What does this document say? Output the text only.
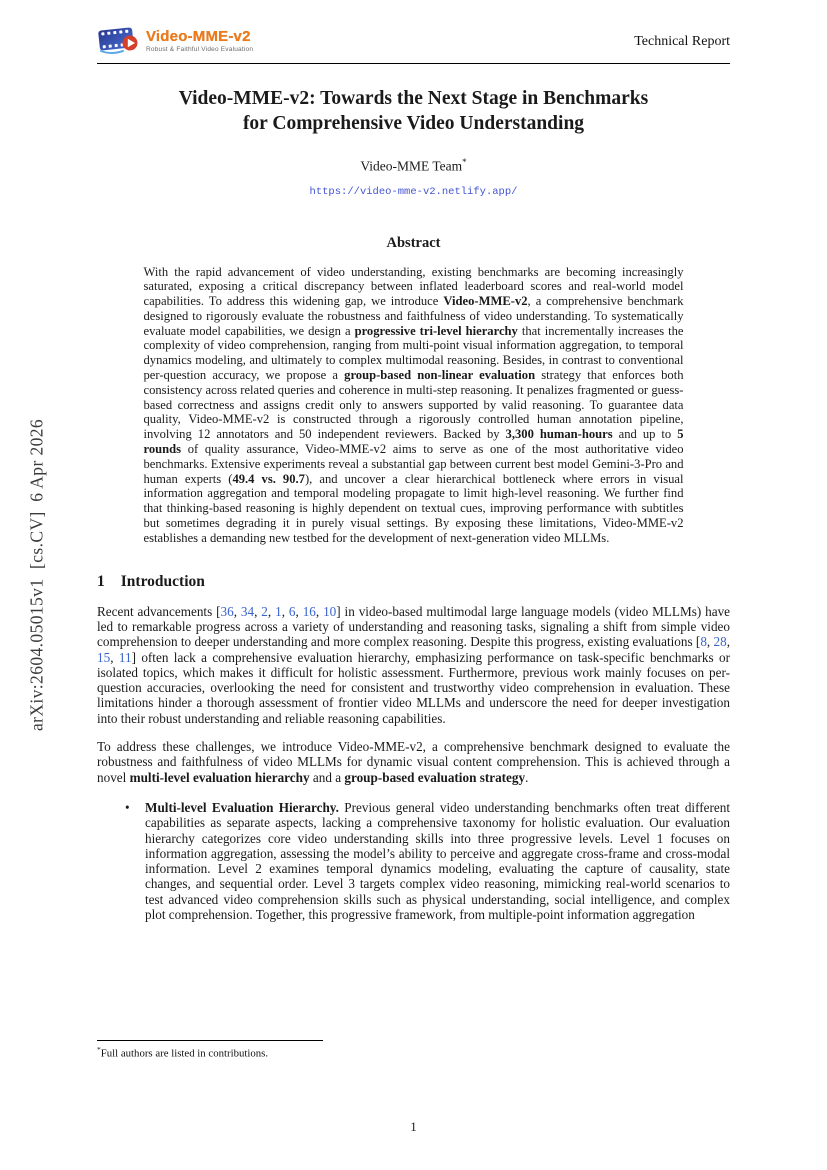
Video-MME-v2
Robust & Faithful Video Evaluation
Technical Report
arXiv:2604.05015v1  [cs.CV]  6 Apr 2026
Video-MME-v2: Towards the Next Stage in Benchmarks
for Comprehensive Video Understanding
Video-MME Team*
https://video-mme-v2.netlify.app/
Abstract
With the rapid advancement of video understanding, existing benchmarks are becoming increasingly saturated, exposing a critical discrepancy between inflated leaderboard scores and real-world model capabilities. To address this widening gap, we introduce Video-MME-v2, a comprehensive benchmark designed to rigorously evaluate the robustness and faithfulness of video understanding. To systematically evaluate model capabilities, we design a progressive tri-level hierarchy that incrementally increases the complexity of video comprehension, ranging from multi-point visual information aggregation, to temporal dynamics modeling, and ultimately to complex multimodal reasoning. Besides, in contrast to conventional per-question accuracy, we propose a group-based non-linear evaluation strategy that enforces both consistency across related queries and coherence in multi-step reasoning. It penalizes fragmented or guess-based correctness and assigns credit only to answers supported by valid reasoning. To guarantee data quality, Video-MME-v2 is constructed through a rigorously controlled human annotation pipeline, involving 12 annotators and 50 independent reviewers. Backed by 3,300 human-hours and up to 5 rounds of quality assurance, Video-MME-v2 aims to serve as one of the most authoritative video benchmarks. Extensive experiments reveal a substantial gap between current best model Gemini-3-Pro and human experts (49.4 vs. 90.7), and uncover a clear hierarchical bottleneck where errors in visual information aggregation and temporal modeling propagate to limit high-level reasoning. We further find that thinking-based reasoning is highly dependent on textual cues, improving performance with subtitles but sometimes degrading it in purely visual settings. By exposing these limitations, Video-MME-v2 establishes a demanding new testbed for the development of next-generation video MLLMs.
1 Introduction
Recent advancements [36, 34, 2, 1, 6, 16, 10] in video-based multimodal large language models (video MLLMs) have led to remarkable progress across a variety of understanding and reasoning tasks, signaling a shift from simple video comprehension to deeper understanding and more complex reasoning. Despite this progress, existing evaluations [8, 28, 15, 11] often lack a comprehensive evaluation hierarchy, emphasizing performance on task-specific benchmarks or isolated topics, which makes it difficult for holistic assessment. Furthermore, previous work mainly focuses on per-question accuracies, overlooking the need for consistent and trustworthy video comprehension in evaluation. These limitations hinder a thorough assessment of frontier video MLLMs and underscore the need for deeper investigation into their robust understanding and reliable reasoning capabilities.
To address these challenges, we introduce Video-MME-v2, a comprehensive benchmark designed to evaluate the robustness and faithfulness of video MLLMs for dynamic visual content comprehension. This is achieved through a novel multi-level evaluation hierarchy and a group-based evaluation strategy.
• Multi-level Evaluation Hierarchy. Previous general video understanding benchmarks often treat different capabilities as separate aspects, lacking a comprehensive taxonomy for holistic evaluation. Our evaluation hierarchy categorizes core video understanding skills into three progressive levels. Level 1 focuses on information aggregation, assessing the model’s ability to perceive and aggregate cross-frame and cross-modal information. Level 2 examines temporal dynamics modeling, evaluating the capture of causality, state changes, and sequential order. Level 3 targets complex video reasoning, mimicking real-world scenarios to test advanced video comprehension skills such as physical understanding, social intelligence, and complex plot comprehension. Together, this progressive framework, from multiple-point information aggregation
*Full authors are listed in contributions.
1
